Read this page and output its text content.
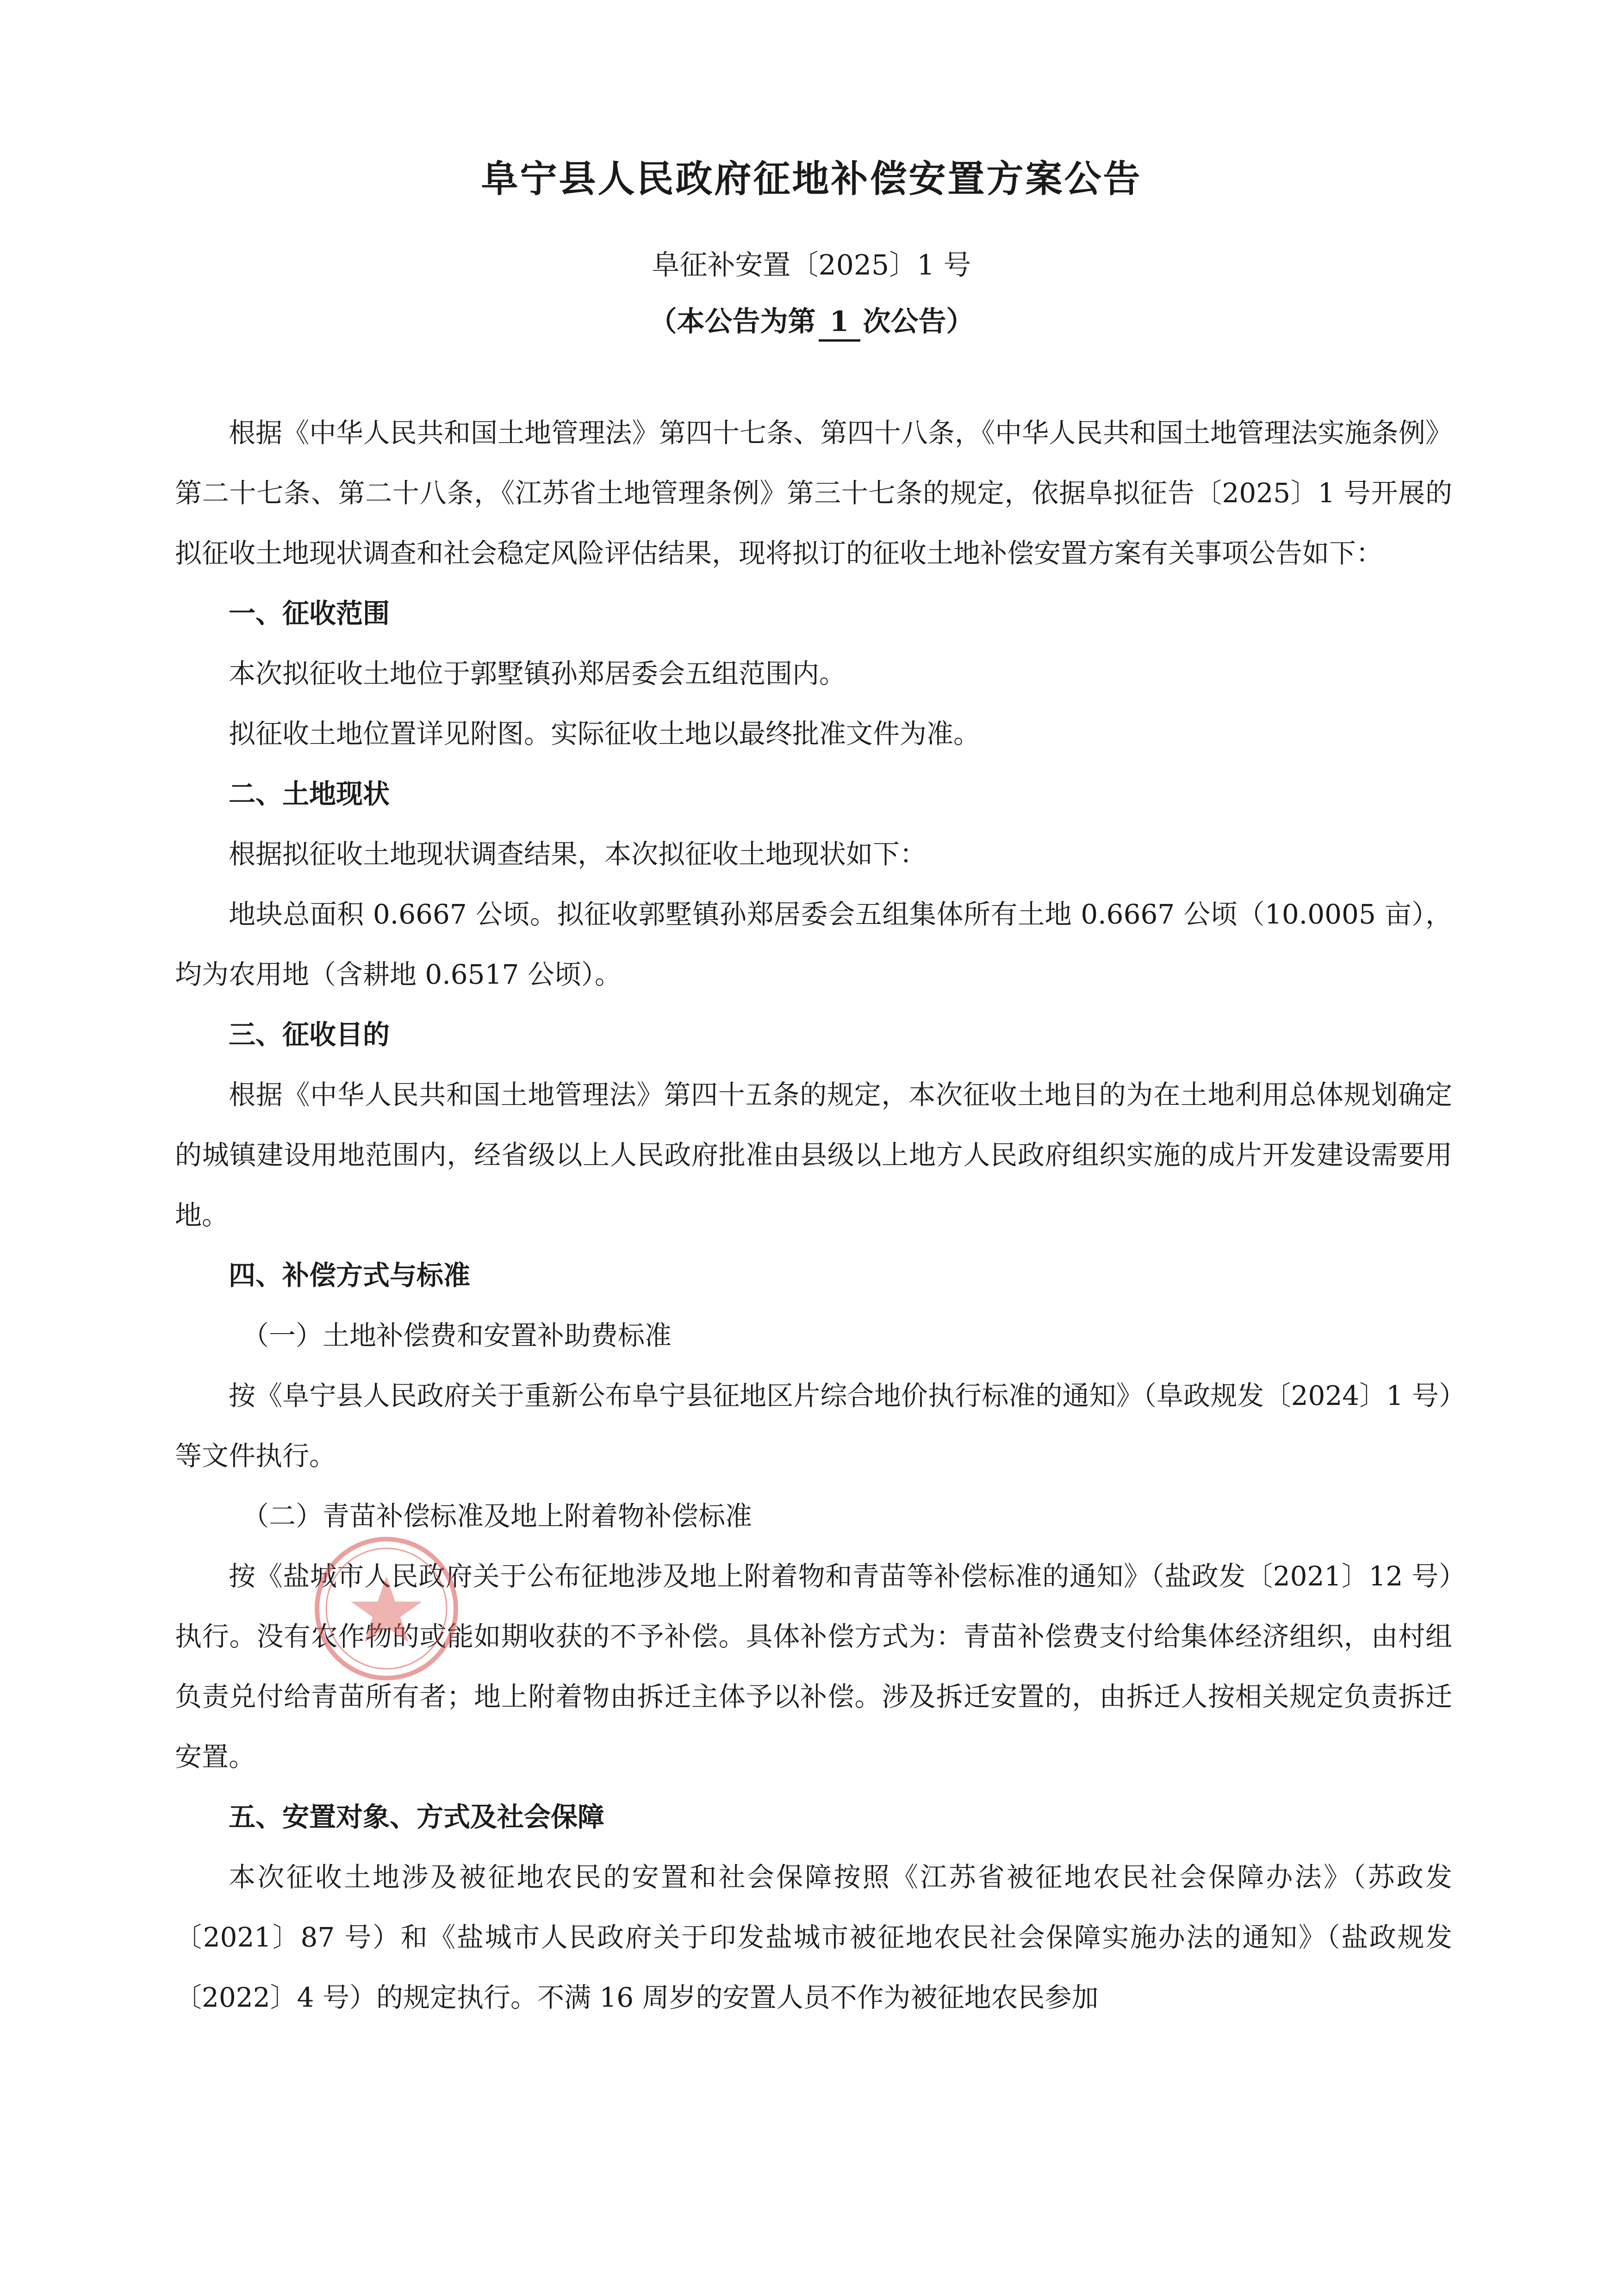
阜宁县人民政府征地补偿安置方案公告
阜征补安置〔2025〕1 号
（本公告为第 1 次公告）

根据《中华人民共和国土地管理法》第四十七条、第四十八条，《中华人民共和国土地管理法实施条例》第二十七条、第二十八条，《江苏省土地管理条例》第三十七条的规定，依据阜拟征告〔2025〕1 号开展的拟征收土地现状调查和社会稳定风险评估结果，现将拟订的征收土地补偿安置方案有关事项公告如下：

一、征收范围

本次拟征收土地位于郭墅镇孙郑居委会五组范围内。

拟征收土地位置详见附图。实际征收土地以最终批准文件为准。

二、土地现状

根据拟征收土地现状调查结果，本次拟征收土地现状如下：

地块总面积 0.6667 公顷。拟征收郭墅镇孙郑居委会五组集体所有土地 0.6667 公顷（10.0005 亩），均为农用地（含耕地 0.6517 公顷）。

三、征收目的

根据《中华人民共和国土地管理法》第四十五条的规定，本次征收土地目的为在土地利用总体规划确定的城镇建设用地范围内，经省级以上人民政府批准由县级以上地方人民政府组织实施的成片开发建设需要用地。

四、补偿方式与标准

（一）土地补偿费和安置补助费标准

按《阜宁县人民政府关于重新公布阜宁县征地区片综合地价执行标准的通知》（阜政规发〔2024〕1 号）等文件执行。

（二）青苗补偿标准及地上附着物补偿标准

按《盐城市人民政府关于公布征地涉及地上附着物和青苗等补偿标准的通知》（盐政发〔2021〕12 号）执行。没有农作物的或能如期收获的不予补偿。具体补偿方式为：青苗补偿费支付给集体经济组织，由村组负责兑付给青苗所有者；地上附着物由拆迁主体予以补偿。涉及拆迁安置的，由拆迁人按相关规定负责拆迁安置。

五、安置对象、方式及社会保障

本次征收土地涉及被征地农民的安置和社会保障按照《江苏省被征地农民社会保障办法》（苏政发〔2021〕87 号）和《盐城市人民政府关于印发盐城市被征地农民社会保障实施办法的通知》（盐政规发〔2022〕4 号）的规定执行。不满 16 周岁的安置人员不作为被征地农民参加
